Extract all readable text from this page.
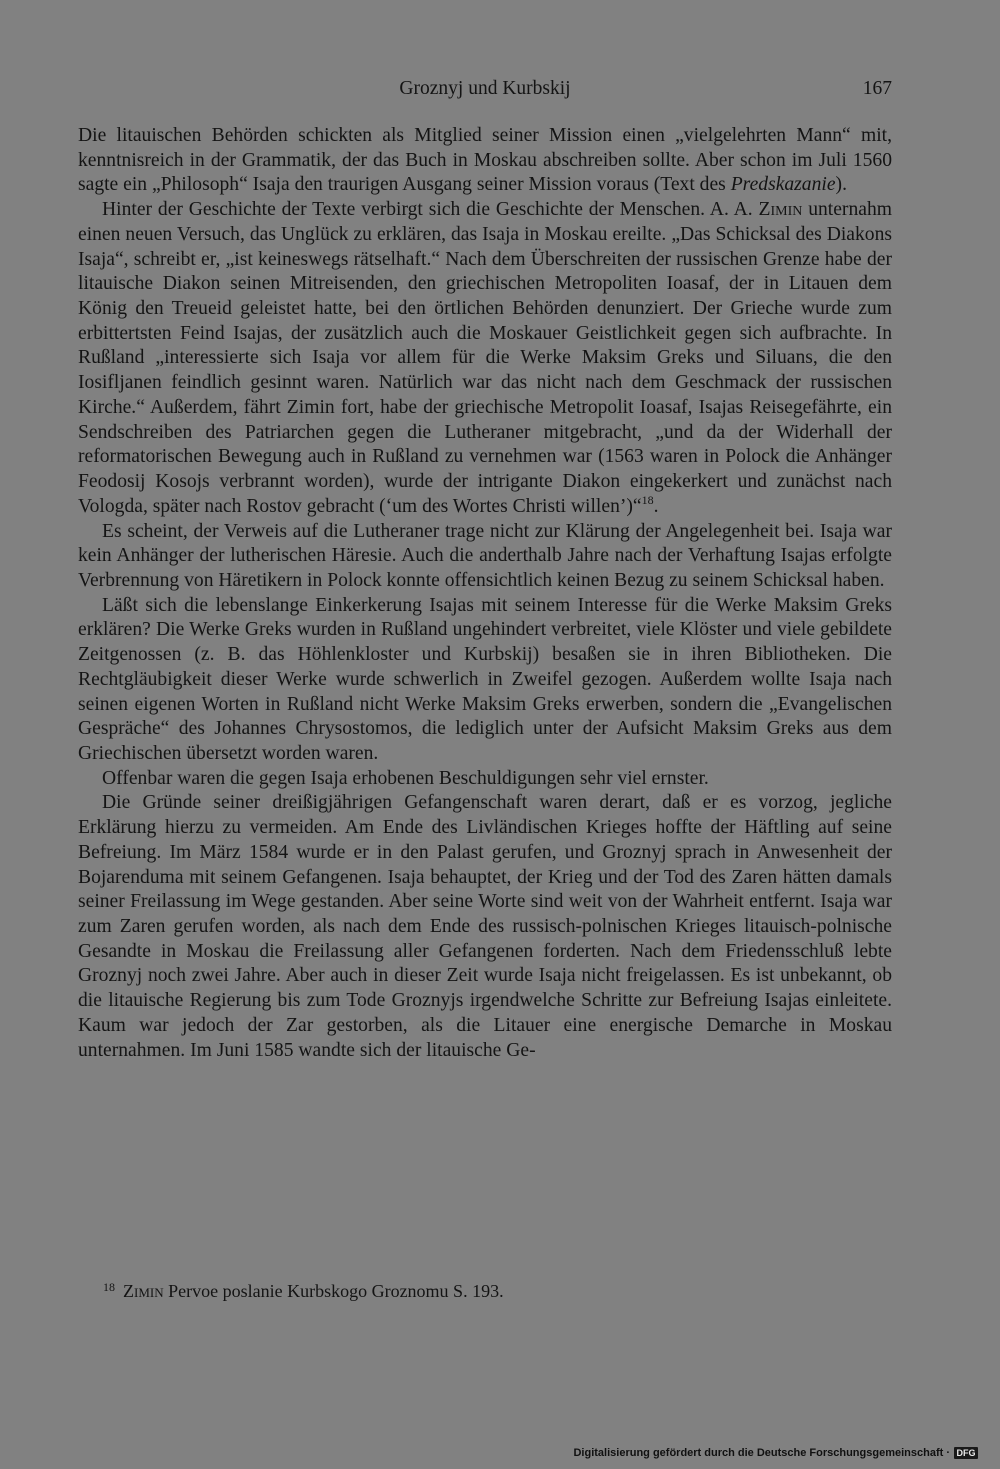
Groznyj und Kurbskij	167

Die litauischen Behörden schickten als Mitglied seiner Mission einen „vielgelehrten Mann“ mit, kenntnisreich in der Grammatik, der das Buch in Moskau abschreiben sollte. Aber schon im Juli 1560 sagte ein „Philosoph“ Isaja den traurigen Ausgang seiner Mission voraus (Text des Predskazanie).

Hinter der Geschichte der Texte verbirgt sich die Geschichte der Menschen. A. A. Zimin unternahm einen neuen Versuch, das Unglück zu erklären, das Isaja in Moskau ereilte. „Das Schicksal des Diakons Isaja“, schreibt er, „ist keineswegs rätselhaft.“ Nach dem Überschreiten der russischen Grenze habe der litauische Diakon seinen Mitreisenden, den griechischen Metropoliten Ioasaf, der in Litauen dem König den Treueid geleistet hatte, bei den örtlichen Behörden denunziert. Der Grieche wurde zum erbittertsten Feind Isajas, der zusätzlich auch die Moskauer Geistlichkeit gegen sich aufbrachte. In Rußland „interessierte sich Isaja vor allem für die Werke Maksim Greks und Siluans, die den Iosifljanen feindlich gesinnt waren. Natürlich war das nicht nach dem Geschmack der russischen Kirche.“ Außerdem, fährt Zimin fort, habe der griechische Metropolit Ioasaf, Isajas Reisegefährte, ein Sendschreiben des Patriarchen gegen die Lutheraner mitgebracht, „und da der Widerhall der reformatorischen Bewegung auch in Rußland zu vernehmen war (1563 waren in Polock die Anhänger Feodosij Kosojs verbrannt worden), wurde der intrigante Diakon eingekerkert und zunächst nach Vologda, später nach Rostov gebracht (‘um des Wortes Christi willen’)“$^{18}$.

Es scheint, der Verweis auf die Lutheraner trage nicht zur Klärung der Angelegenheit bei. Isaja war kein Anhänger der lutherischen Häresie. Auch die anderthalb Jahre nach der Verhaftung Isajas erfolgte Verbrennung von Häretikern in Polock konnte offensichtlich keinen Bezug zu seinem Schicksal haben.

Läßt sich die lebenslange Einkerkerung Isajas mit seinem Interesse für die Werke Maksim Greks erklären? Die Werke Greks wurden in Rußland ungehindert verbreitet, viele Klöster und viele gebildete Zeitgenossen (z. B. das Höhlenkloster und Kurbskij) besaßen sie in ihren Bibliotheken. Die Rechtgläubigkeit dieser Werke wurde schwerlich in Zweifel gezogen. Außerdem wollte Isaja nach seinen eigenen Worten in Rußland nicht Werke Maksim Greks erwerben, sondern die „Evangelischen Gespräche“ des Johannes Chrysostomos, die lediglich unter der Aufsicht Maksim Greks aus dem Griechischen übersetzt worden waren.

Offenbar waren die gegen Isaja erhobenen Beschuldigungen sehr viel ernster.

Die Gründe seiner dreißigjährigen Gefangenschaft waren derart, daß er es vorzog, jegliche Erklärung hierzu zu vermeiden. Am Ende des Livländischen Krieges hoffte der Häftling auf seine Befreiung. Im März 1584 wurde er in den Palast gerufen, und Groznyj sprach in Anwesenheit der Bojarenduma mit seinem Gefangenen. Isaja behauptet, der Krieg und der Tod des Zaren hätten damals seiner Freilassung im Wege gestanden. Aber seine Worte sind weit von der Wahrheit entfernt. Isaja war zum Zaren gerufen worden, als nach dem Ende des russisch-polnischen Krieges litauisch-polnische Gesandte in Moskau die Freilassung aller Gefangenen forderten. Nach dem Friedensschluß lebte Groznyj noch zwei Jahre. Aber auch in dieser Zeit wurde Isaja nicht freigelassen. Es ist unbekannt, ob die litauische Regierung bis zum Tode Groznyjs irgendwelche Schritte zur Befreiung Isajas einleitete. Kaum war jedoch der Zar gestorben, als die Litauer eine energische Demarche in Moskau unternahmen. Im Juni 1585 wandte sich der litauische Ge-

$^{18}$ Zimin Pervoe poslanie Kurbskogo Groznomu S. 193.
Digitalisierung gefördert durch die Deutsche Forschungsgemeinschaft · DFG
